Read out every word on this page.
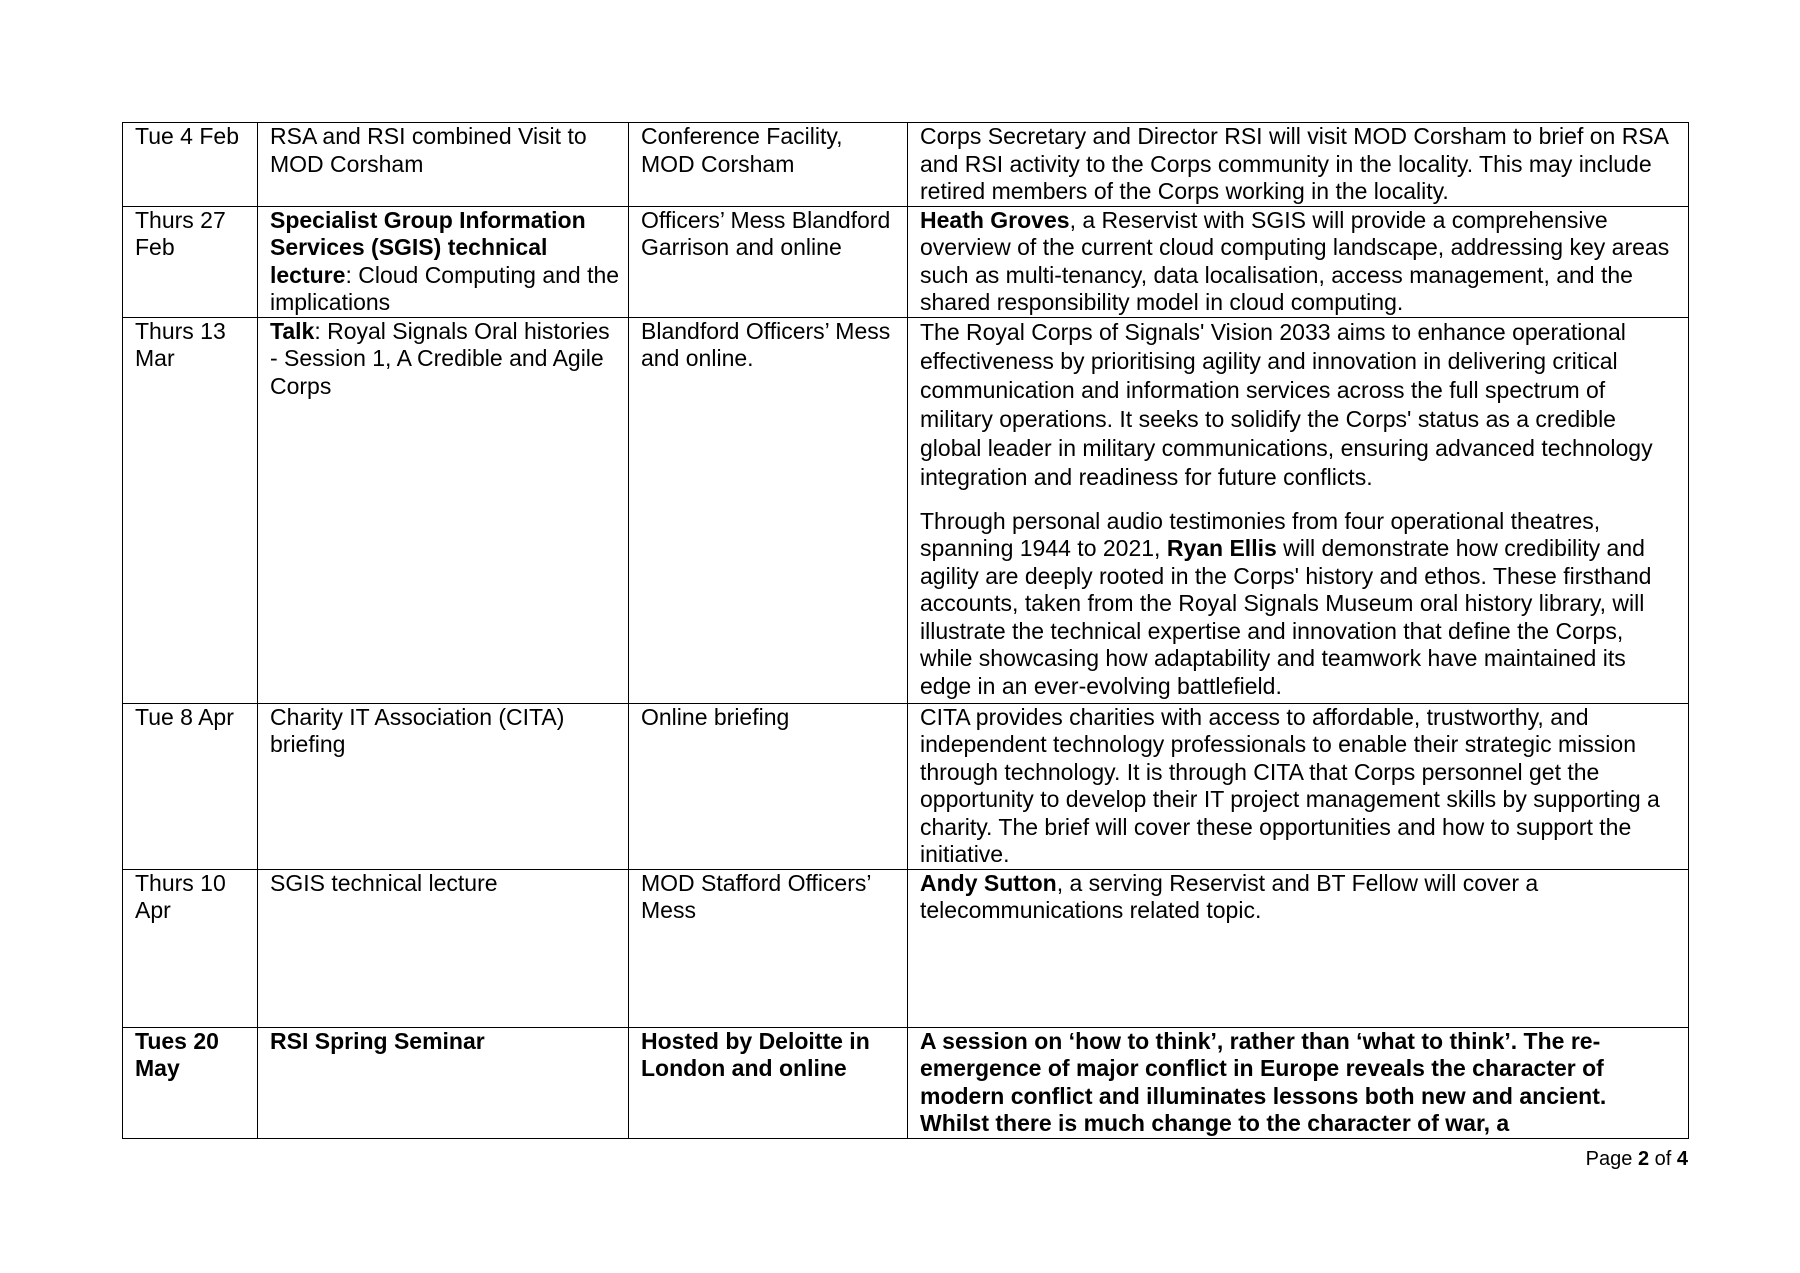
Tue 4 Feb	RSA and RSI combined Visit to MOD Corsham	Conference Facility, MOD Corsham	Corps Secretary and Director RSI will visit MOD Corsham to brief on RSA and RSI activity to the Corps community in the locality. This may include retired members of the Corps working in the locality.
Thurs 27 Feb	Specialist Group Information Services (SGIS) technical lecture: Cloud Computing and the implications	Officers’ Mess Blandford Garrison and online	Heath Groves, a Reservist with SGIS will provide a comprehensive overview of the current cloud computing landscape, addressing key areas such as multi-tenancy, data localisation, access management, and the shared responsibility model in cloud computing.
Thurs 13 Mar	Talk: Royal Signals Oral histories - Session 1, A Credible and Agile Corps	Blandford Officers’ Mess and online.	The Royal Corps of Signals' Vision 2033 aims to enhance operational effectiveness by prioritising agility and innovation in delivering critical communication and information services across the full spectrum of military operations. It seeks to solidify the Corps' status as a credible global leader in military communications, ensuring advanced technology integration and readiness for future conflicts.

Through personal audio testimonies from four operational theatres, spanning 1944 to 2021, Ryan Ellis will demonstrate how credibility and agility are deeply rooted in the Corps' history and ethos. These firsthand accounts, taken from the Royal Signals Museum oral history library, will illustrate the technical expertise and innovation that define the Corps, while showcasing how adaptability and teamwork have maintained its edge in an ever-evolving battlefield.

Tue 8 Apr	Charity IT Association (CITA) briefing	Online briefing	CITA provides charities with access to affordable, trustworthy, and independent technology professionals to enable their strategic mission through technology. It is through CITA that Corps personnel get the opportunity to develop their IT project management skills by supporting a charity. The brief will cover these opportunities and how to support the initiative.
Thurs 10 Apr	SGIS technical lecture	MOD Stafford Officers’ Mess	Andy Sutton, a serving Reservist and BT Fellow will cover a telecommunications related topic.
Tues 20 May	RSI Spring Seminar	Hosted by Deloitte in London and online	A session on ‘how to think’, rather than ‘what to think’. The re-emergence of major conflict in Europe reveals the character of modern conflict and illuminates lessons both new and ancient. Whilst there is much change to the character of war, a
Page 2 of 4
